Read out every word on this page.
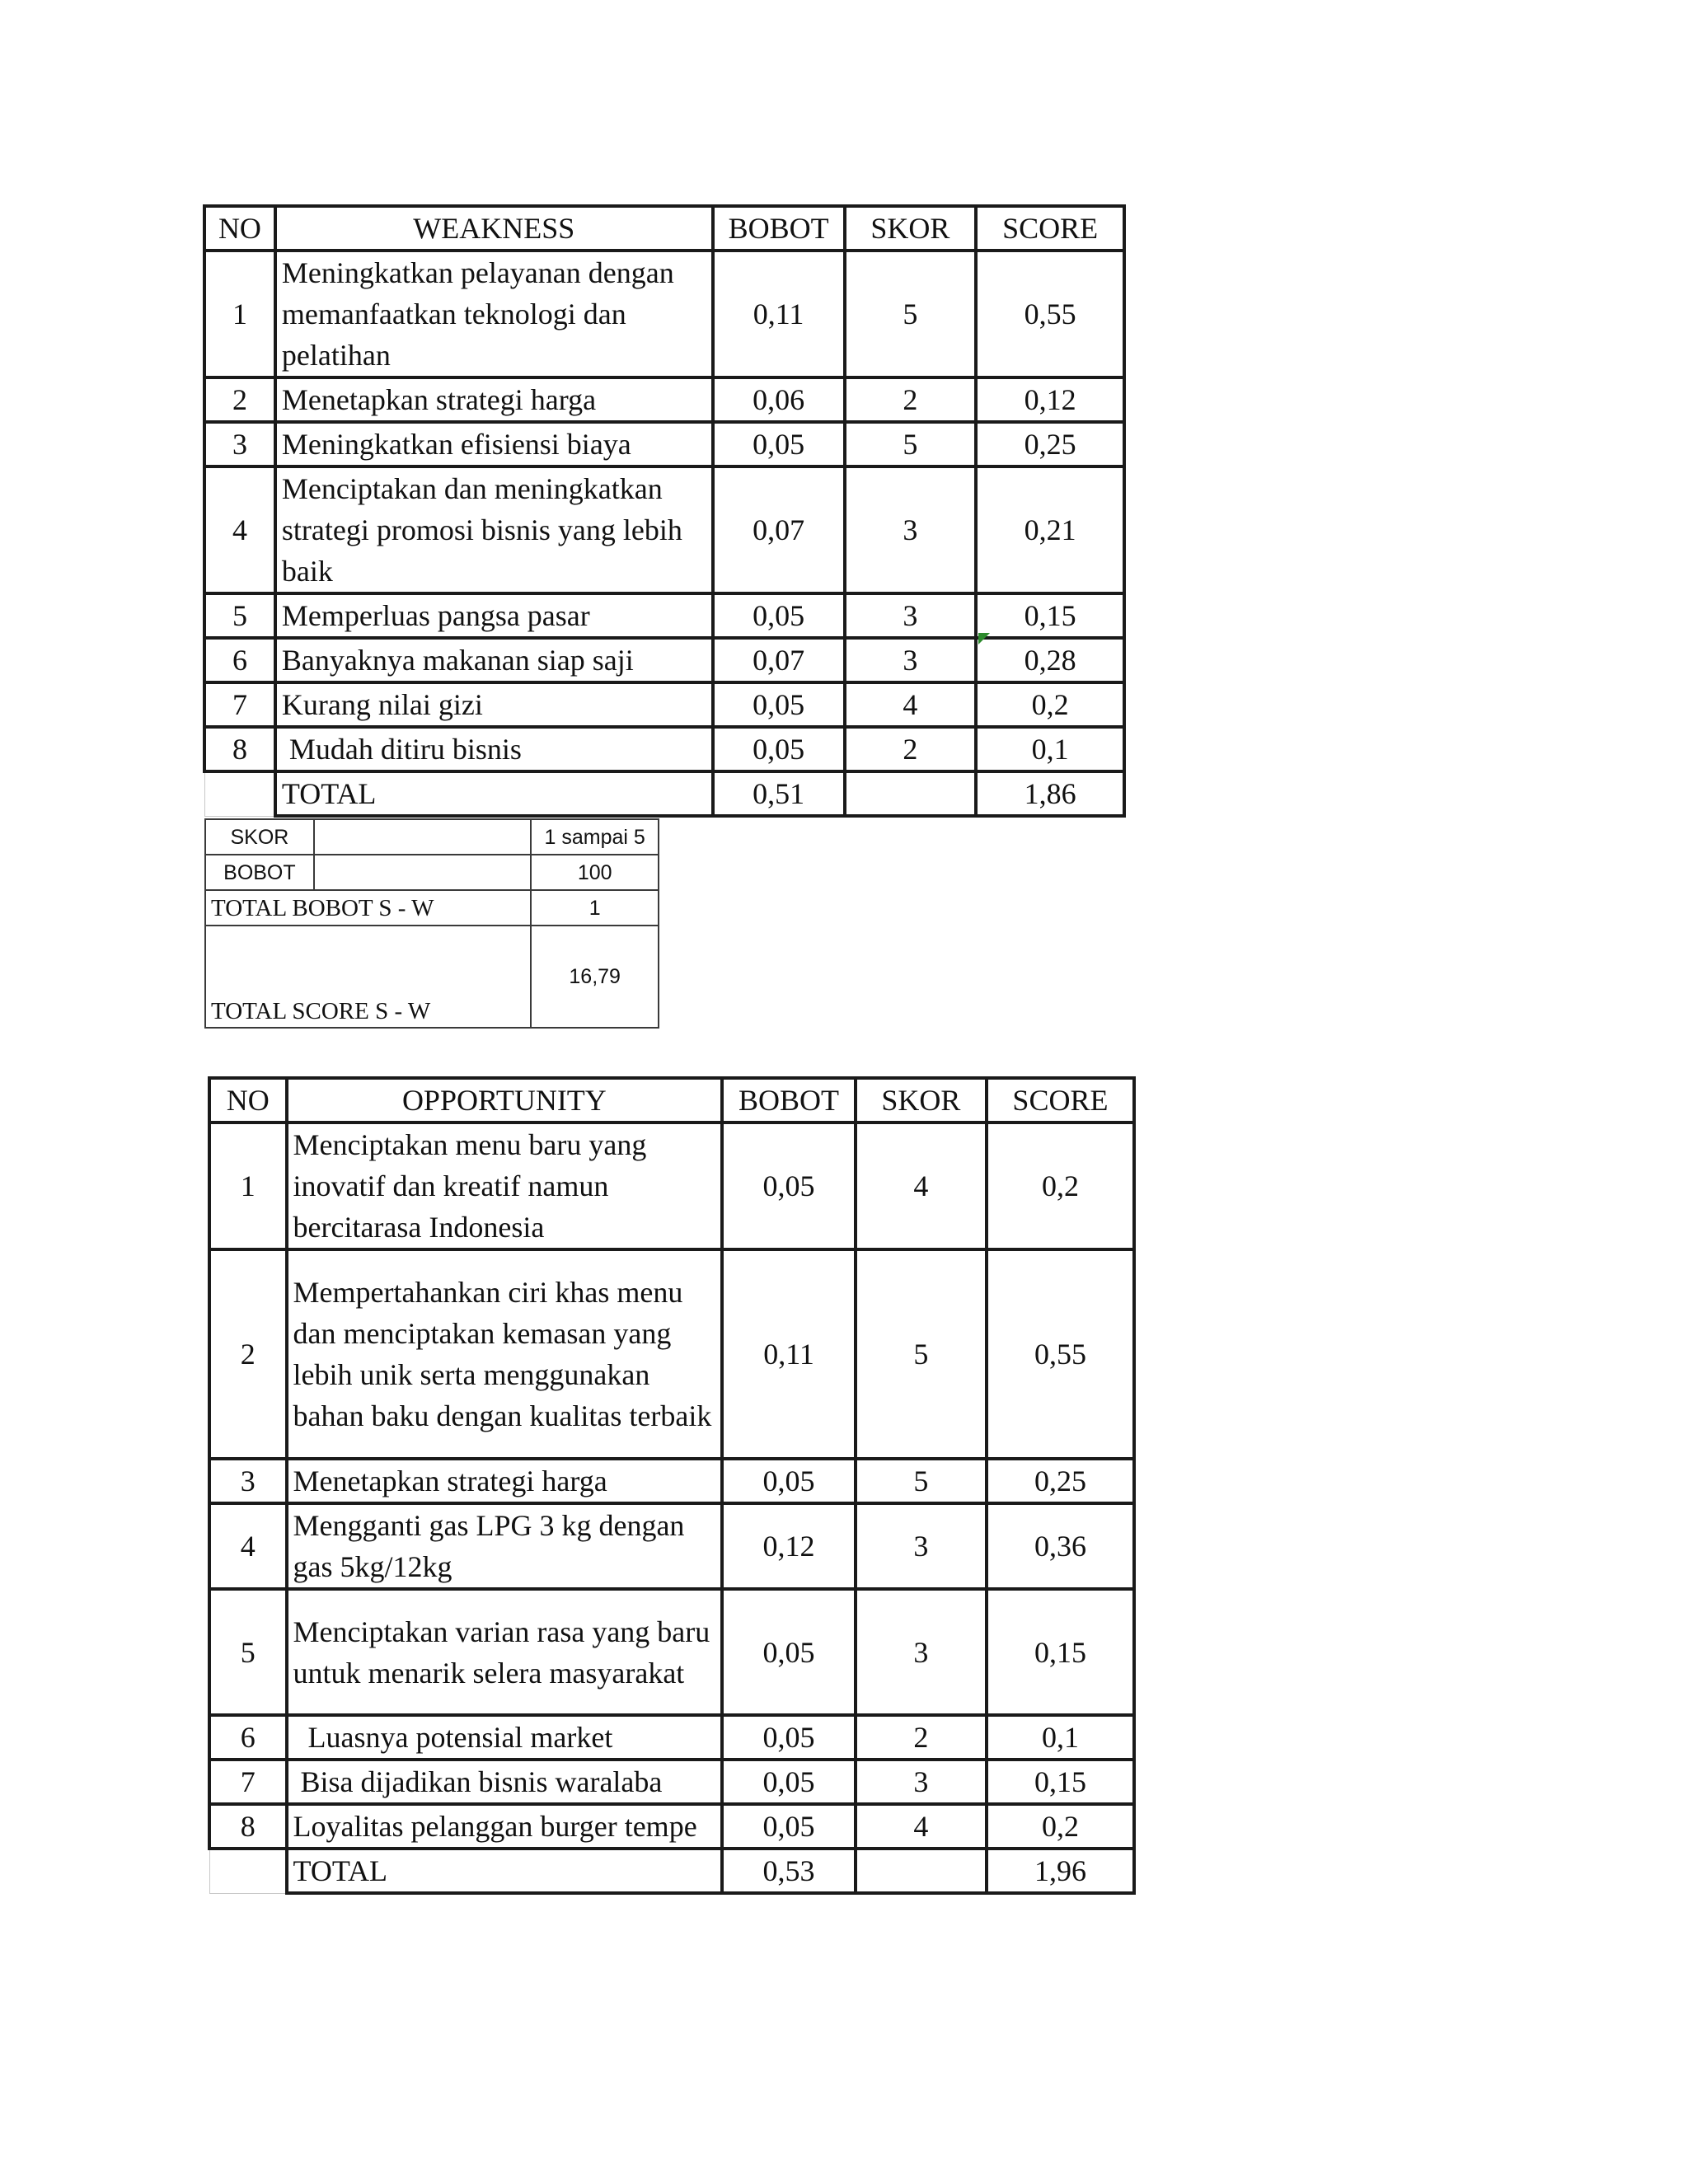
NO	WEAKNESS	BOBOT	SKOR	SCORE
1	Meningkatkan pelayanan dengan memanfaatkan teknologi dan pelatihan	0,11	5	0,55
2	Menetapkan strategi harga	0,06	2	0,12
3	Meningkatkan efisiensi biaya	0,05	5	0,25
4	Menciptakan dan meningkatkan strategi promosi bisnis yang lebih baik	0,07	3	0,21
5	Memperluas pangsa pasar	0,05	3	0,15
6	Banyaknya makanan siap saji	0,07	3	0,28
7	Kurang nilai gizi	0,05	4	0,2
8	Mudah ditiru bisnis	0,05	2	0,1
	TOTAL	0,51		1,86
SKOR		1 sampai 5
BOBOT		100
TOTAL BOBOT S - W		1
TOTAL SCORE S - W		16,79
NO	OPPORTUNITY	BOBOT	SKOR	SCORE
1	Menciptakan menu baru yang inovatif dan kreatif namun bercitarasa Indonesia	0,05	4	0,2
2	Mempertahankan ciri khas menu dan menciptakan kemasan yang lebih unik serta menggunakan bahan baku dengan kualitas terbaik	0,11	5	0,55
3	Menetapkan strategi harga	0,05	5	0,25
4	Mengganti gas LPG 3 kg dengan gas 5kg/12kg	0,12	3	0,36
5	Menciptakan varian rasa yang baru untuk menarik selera masyarakat	0,05	3	0,15
6	Luasnya potensial market	0,05	2	0,1
7	Bisa dijadikan bisnis waralaba	0,05	3	0,15
8	Loyalitas pelanggan burger tempe	0,05	4	0,2
	TOTAL	0,53		1,96
